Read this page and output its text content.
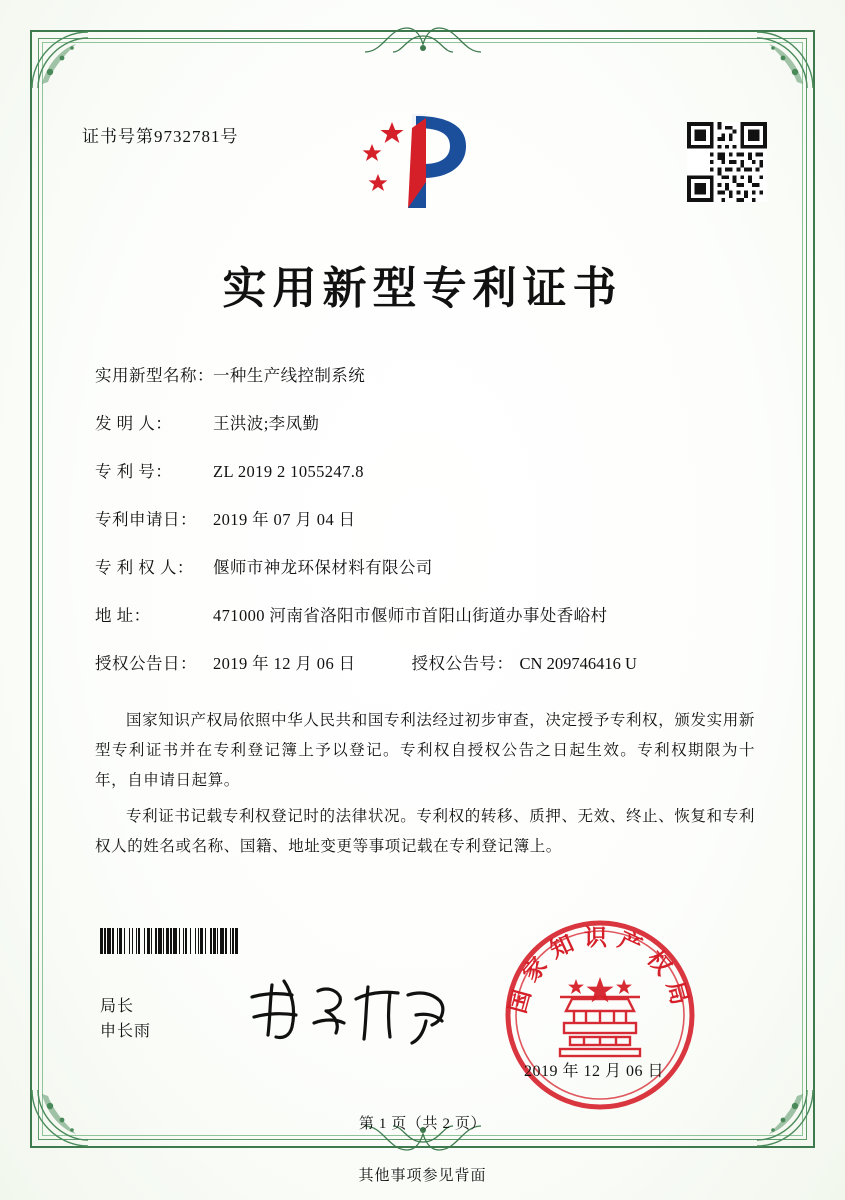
证书号第9732781号
实用新型专利证书
实用新型名称： 一种生产线控制系统
发 明 人：	王洪波;李凤勤
专 利 号：	ZL 2019 2 1055247.8
专利申请日： 2019 年 07 月 04 日
专 利 权 人：	偃师市神龙环保材料有限公司
地 址：	471000 河南省洛阳市偃师市首阳山街道办事处香峪村
授权公告日： 2019 年 12 月 06 日	授权公告号： CN 209746416 U

国家知识产权局依照中华人民共和国专利法经过初步审查，决定授予专利权，颁发实用新型专利证书并在专利登记簿上予以登记。专利权自授权公告之日起生效。专利权期限为十年，自申请日起算。

专利证书记载专利权登记时的法律状况。专利权的转移、质押、无效、终止、恢复和专利权人的姓名或名称、国籍、地址变更等事项记载在专利登记簿上。

局长
申长雨
国家知识产权局
2019 年 12 月 06 日
第 1 页（共 2 页）
其他事项参见背面
